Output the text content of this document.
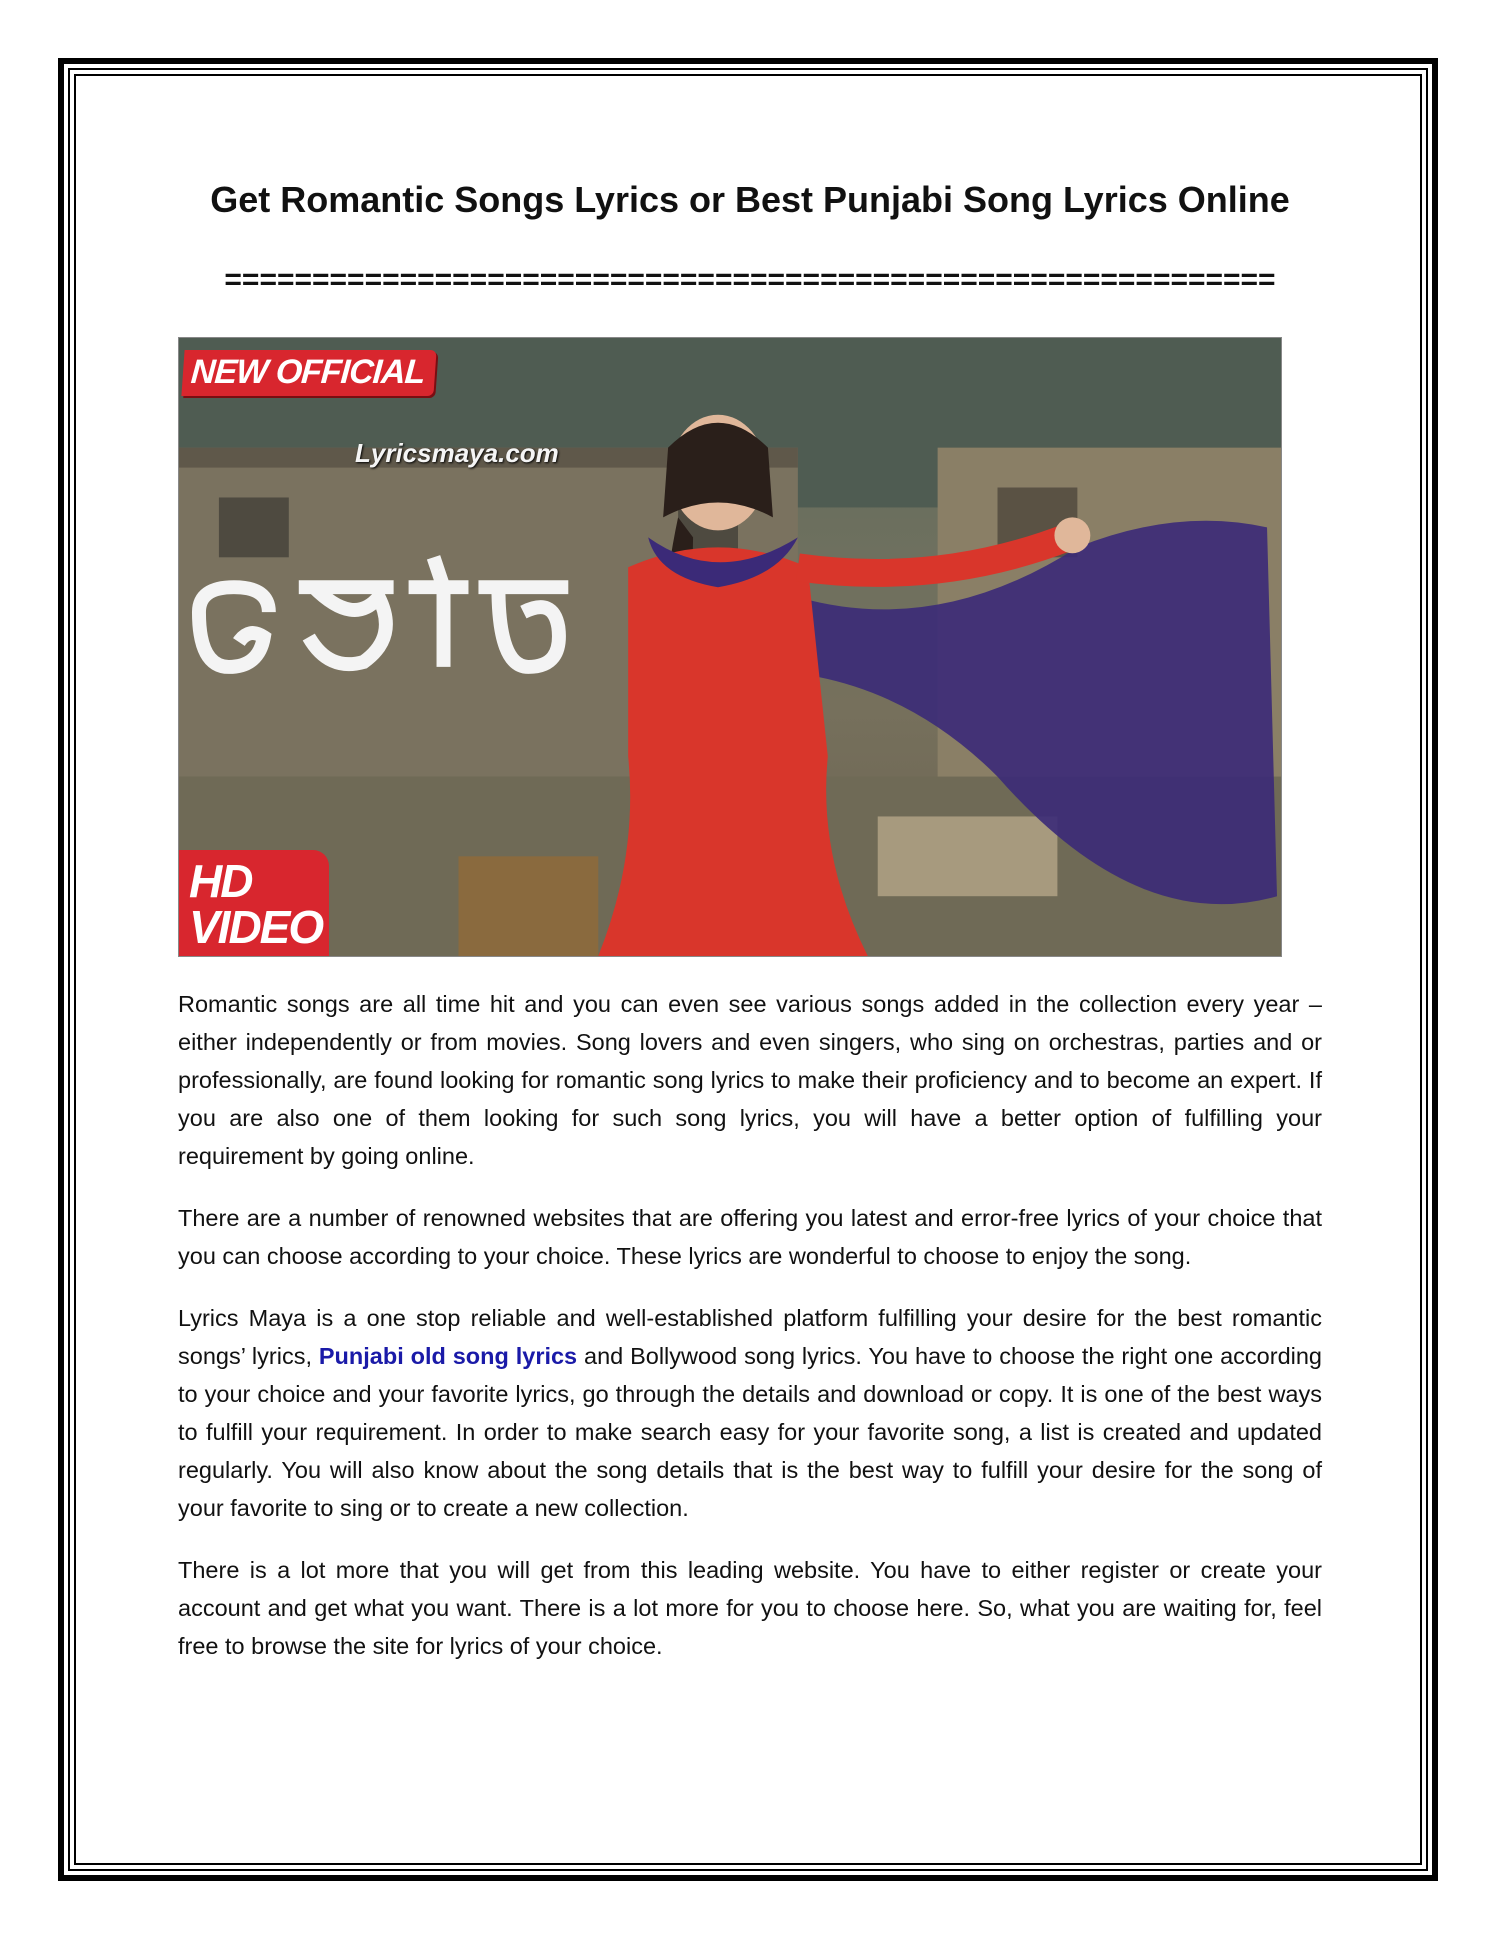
Get Romantic Songs Lyrics or Best Punjabi Song Lyrics Online
============================================================
NEW OFFICIAL
Lyricsmaya.com
HD
VIDEO

Romantic songs are all time hit and you can even see various songs added in the collection every year – either independently or from movies. Song lovers and even singers, who sing on orchestras, parties and or professionally, are found looking for romantic song lyrics to make their proficiency and to become an expert. If you are also one of them looking for such song lyrics, you will have a better option of fulfilling your requirement by going online.

There are a number of renowned websites that are offering you latest and error-free lyrics of your choice that you can choose according to your choice. These lyrics are wonderful to choose to enjoy the song.

Lyrics Maya is a one stop reliable and well-established platform fulfilling your desire for the best romantic songs’ lyrics, Punjabi old song lyrics and Bollywood song lyrics. You have to choose the right one according to your choice and your favorite lyrics, go through the details and download or copy. It is one of the best ways to fulfill your requirement. In order to make search easy for your favorite song, a list is created and updated regularly. You will also know about the song details that is the best way to fulfill your desire for the song of your favorite to sing or to create a new collection.

There is a lot more that you will get from this leading website. You have to either register or create your account and get what you want. There is a lot more for you to choose here. So, what you are waiting for, feel free to browse the site for lyrics of your choice.
